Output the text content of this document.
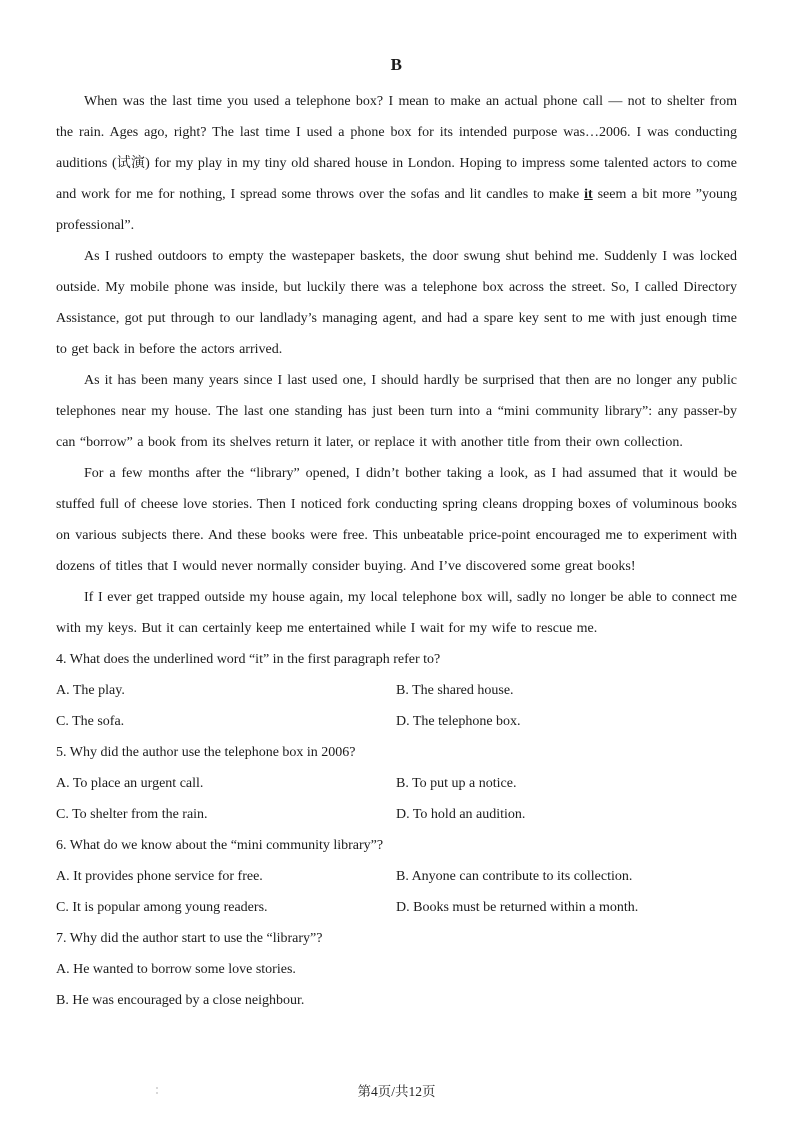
B

When was the last time you used a telephone box? I mean to make an actual phone call — not to shelter from the rain. Ages ago, right? The last time I used a phone box for its intended purpose was…2006. I was conducting auditions (试演) for my play in my tiny old shared house in London. Hoping to impress some talented actors to come and work for me for nothing, I spread some throws over the sofas and lit candles to make it seem a bit more ”young professional”.

As I rushed outdoors to empty the wastepaper baskets, the door swung shut behind me. Suddenly I was locked outside. My mobile phone was inside, but luckily there was a telephone box across the street. So, I called Directory Assistance, got put through to our landlady’s managing agent, and had a spare key sent to me with just enough time to get back in before the actors arrived.

As it has been many years since I last used one, I should hardly be surprised that then are no longer any public telephones near my house. The last one standing has just been turn into a “mini community library”: any passer-by can “borrow” a book from its shelves return it later, or replace it with another title from their own collection.

For a few months after the “library” opened, I didn’t bother taking a look, as I had assumed that it would be stuffed full of cheese love stories. Then I noticed fork conducting spring cleans dropping boxes of voluminous books on various subjects there. And these books were free. This unbeatable price-point encouraged me to experiment with dozens of titles that I would never normally consider buying. And I’ve discovered some great books!

If I ever get trapped outside my house again, my local telephone box will, sadly no longer be able to connect me with my keys. But it can certainly keep me entertained while I wait for my wife to rescue me.

4. What does the underlined word “it” in the first paragraph refer to?

A. The play.	B. The shared house.
C. The sofa.	D. The telephone box.

5. Why did the author use the telephone box in 2006?

A. To place an urgent call.	B. To put up a notice.
C. To shelter from the rain.	D. To hold an audition.

6. What do we know about the “mini community library”?

A. It provides phone service for free.	B. Anyone can contribute to its collection.
C. It is popular among young readers.	D. Books must be returned within a month.

7. Why did the author start to use the “library”?

A. He wanted to borrow some love stories.
B. He was encouraged by a close neighbour.
第4页/共12页
